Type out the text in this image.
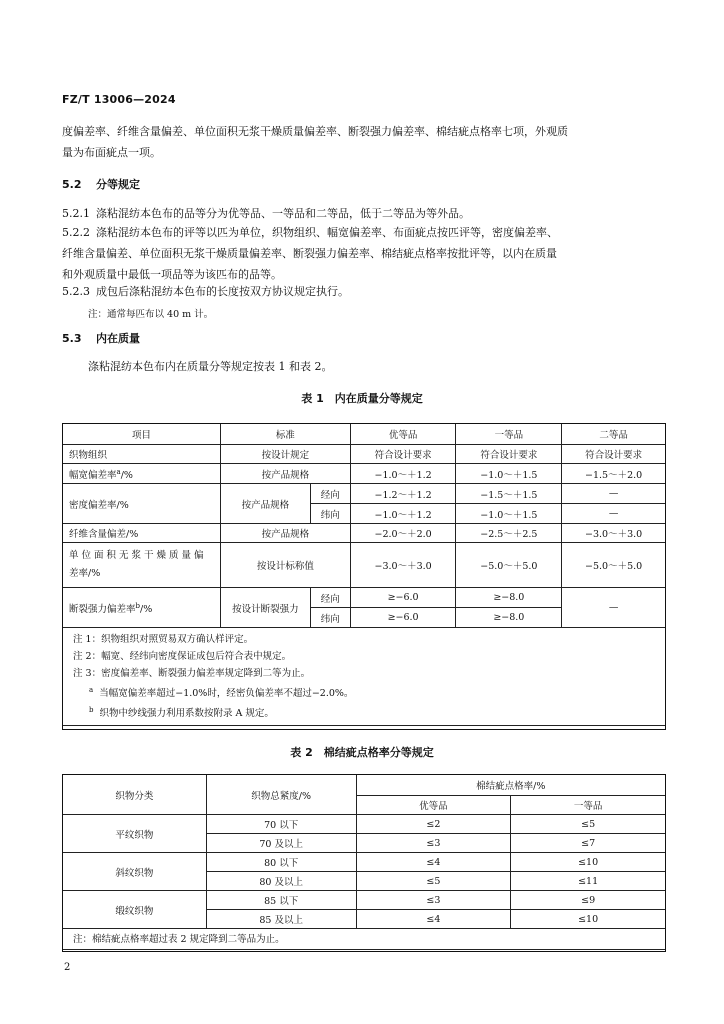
FZ/T 13006—2024
度偏差率、纤维含量偏差、单位面积无浆干燥质量偏差率、断裂强力偏差率、棉结疵点格率七项，外观质
量为布面疵点一项。
5.2 分等规定
5.2.1 涤粘混纺本色布的品等分为优等品、一等品和二等品，低于二等品为等外品。
5.2.2 涤粘混纺本色布的评等以匹为单位，织物组织、幅宽偏差率、布面疵点按匹评等，密度偏差率、
纤维含量偏差、单位面积无浆干燥质量偏差率、断裂强力偏差率、棉结疵点格率按批评等，以内在质量
和外观质量中最低一项品等为该匹布的品等。
5.2.3 成包后涤粘混纺本色布的长度按双方协议规定执行。
注：通常每匹布以 40 m 计。
5.3 内在质量
涤粘混纺本色布内在质量分等规定按表 1 和表 2。
表 1　内在质量分等规定
项目	标准		优等品	一等品	二等品
织物组织	按设计规定		符合设计要求	符合设计要求	符合设计要求
幅宽偏差率$^a$/%	按产品规格		−1.0～＋1.2	−1.0～＋1.5	−1.5～＋2.0
密度偏差率/%	按产品规格	经向	−1.2～＋1.2	−1.5～＋1.5	—
		纬向	−1.0～＋1.2	−1.0～＋1.5	—
纤维含量偏差/%	按产品规格		−2.0～＋2.0	−2.5～＋2.5	−3.0～＋3.0

单位面积无浆干燥质量偏
差率/%	按设计标称值		−3.0～＋3.0	−5.0～＋5.0	−5.0～＋5.0
断裂强力偏差率$^b$/%	按设计断裂强力	经向	≥−6.0	≥−8.0	—
		纬向	≥−6.0	≥−8.0	

注 1：织物组织对照贸易双方确认样评定。
注 2：幅宽、经纬向密度保证成包后符合表中规定。
注 3：密度偏差率、断裂强力偏差率规定降到二等为止。
$^a$ 当幅宽偏差率超过−1.0%时，经密负偏差率不超过−2.0%。
$^b$ 织物中纱线强力利用系数按附录 A 规定。					
表 2　棉结疵点格率分等规定
织物分类	织物总紧度/%	棉结疵点格率/%	
		优等品	一等品
平纹织物	70 以下	≤2	≤5
	70 及以上	≤3	≤7
斜纹织物	80 以下	≤4	≤10
	80 及以上	≤5	≤11
缎纹织物	85 以下	≤3	≤9
	85 及以上	≤4	≤10
注：棉结疵点格率超过表 2 规定降到二等品为止。			
2
